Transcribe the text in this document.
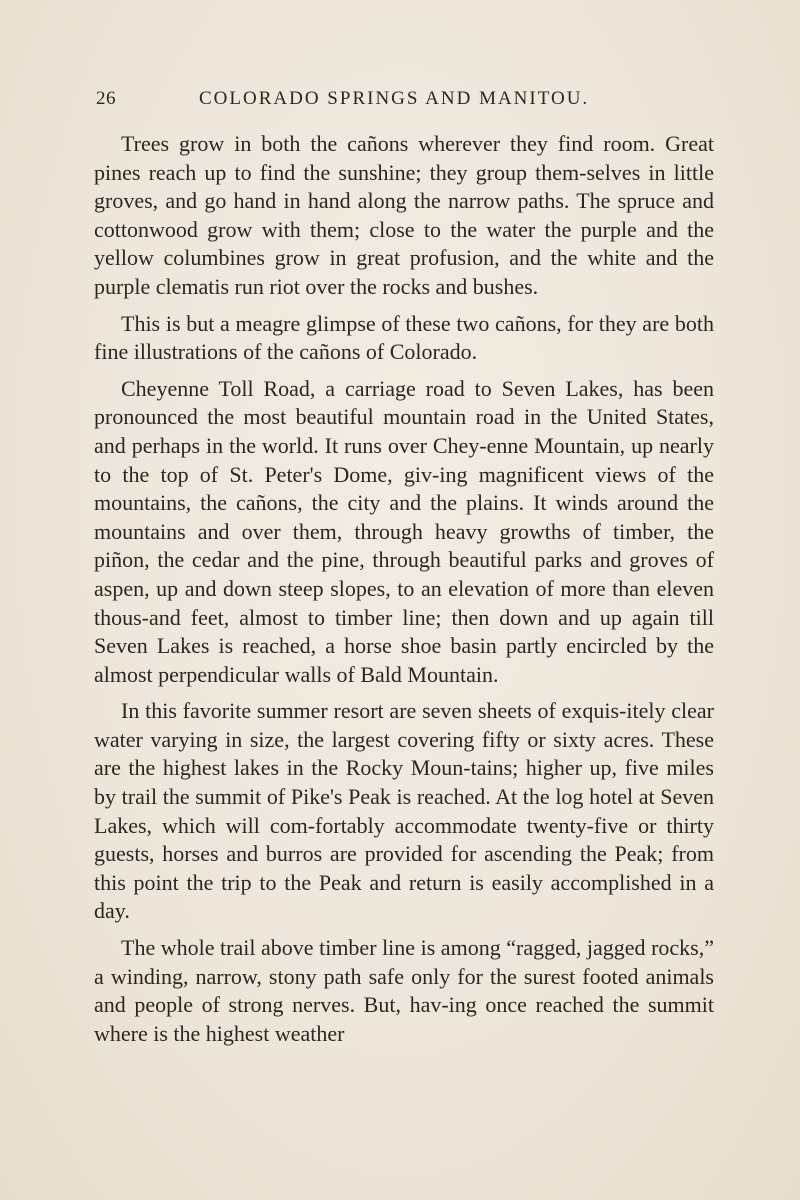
26	COLORADO SPRINGS AND MANITOU.

Trees grow in both the cañons wherever they find room. Great pines reach up to find the sunshine; they group them-selves in little groves, and go hand in hand along the narrow paths. The spruce and cottonwood grow with them; close to the water the purple and the yellow columbines grow in great profusion, and the white and the purple clematis run riot over the rocks and bushes.

This is but a meagre glimpse of these two cañons, for they are both fine illustrations of the cañons of Colorado.

Cheyenne Toll Road, a carriage road to Seven Lakes, has been pronounced the most beautiful mountain road in the United States, and perhaps in the world. It runs over Chey-enne Mountain, up nearly to the top of St. Peter's Dome, giv-ing magnificent views of the mountains, the cañons, the city and the plains. It winds around the mountains and over them, through heavy growths of timber, the piñon, the cedar and the pine, through beautiful parks and groves of aspen, up and down steep slopes, to an elevation of more than eleven thous-and feet, almost to timber line; then down and up again till Seven Lakes is reached, a horse shoe basin partly encircled by the almost perpendicular walls of Bald Mountain.

In this favorite summer resort are seven sheets of exquis-itely clear water varying in size, the largest covering fifty or sixty acres. These are the highest lakes in the Rocky Moun-tains; higher up, five miles by trail the summit of Pike's Peak is reached. At the log hotel at Seven Lakes, which will com-fortably accommodate twenty-five or thirty guests, horses and burros are provided for ascending the Peak; from this point the trip to the Peak and return is easily accomplished in a day.

The whole trail above timber line is among “ragged, jagged rocks,” a winding, narrow, stony path safe only for the surest footed animals and people of strong nerves. But, hav-ing once reached the summit where is the highest weather
